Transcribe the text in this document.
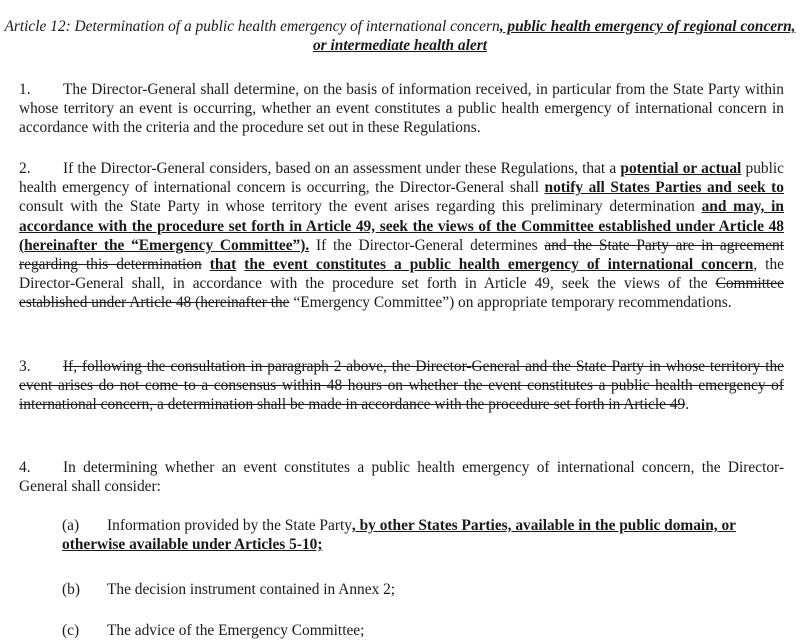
Article 12: Determination of a public health emergency of international concern, public health emergency of regional concern, or intermediate health alert

1. The Director-General shall determine, on the basis of information received, in particular from the State Party within whose territory an event is occurring, whether an event constitutes a public health emergency of international concern in accordance with the criteria and the procedure set out in these Regulations.

2. If the Director-General considers, based on an assessment under these Regulations, that a potential or actual public health emergency of international concern is occurring, the Director-General shall notify all States Parties and seek to consult with the State Party in whose territory the event arises regarding this preliminary determination and may, in accordance with the procedure set forth in Article 49, seek the views of the Committee established under Article 48 (hereinafter the “Emergency Committee”). If the Director-General determines and the State Party are in agreement regarding this determination that the event constitutes a public health emergency of international concern, the Director-General shall, in accordance with the procedure set forth in Article 49, seek the views of the Committee established under Article 48 (hereinafter the “Emergency Committee”) on appropriate temporary recommendations.

3. If, following the consultation in paragraph 2 above, the Director-General and the State Party in whose territory the event arises do not come to a consensus within 48 hours on whether the event constitutes a public health emergency of international concern, a determination shall be made in accordance with the procedure set forth in Article 49.

4. In determining whether an event constitutes a public health emergency of international concern, the Director-General shall consider:

(a) Information provided by the State Party, by other States Parties, available in the public domain, or otherwise available under Articles 5-10;

(b) The decision instrument contained in Annex 2;

(c) The advice of the Emergency Committee;
